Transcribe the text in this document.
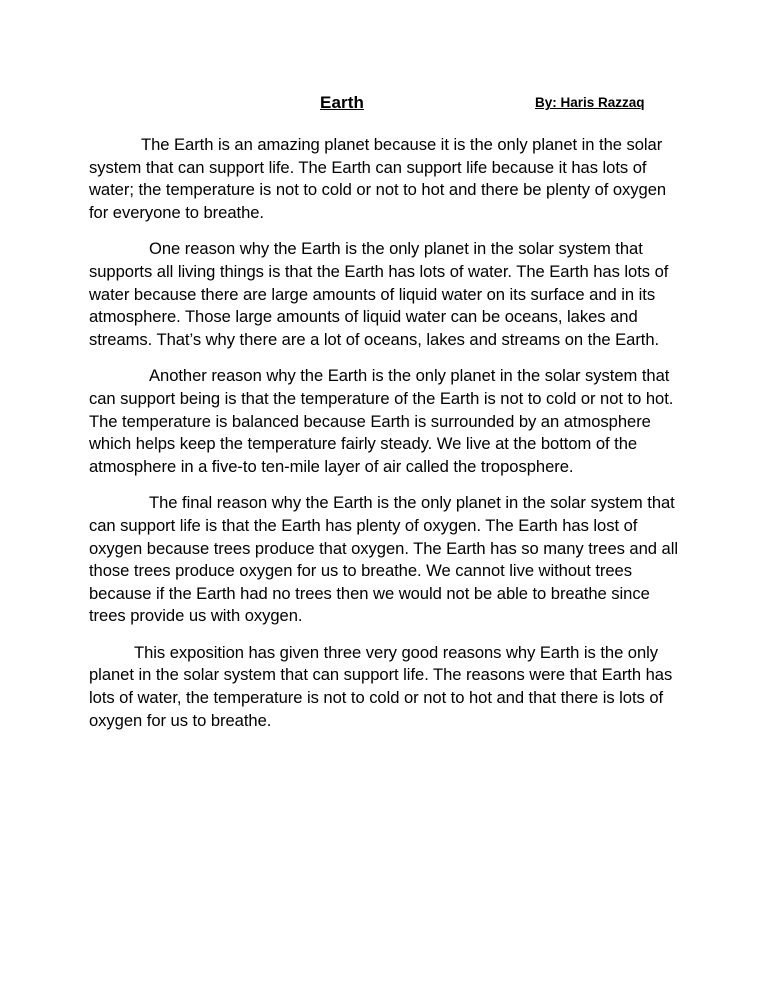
Earth	By: Haris Razzaq

The Earth is an amazing planet because it is the only planet in the solar system that can support life. The Earth can support life because it has lots of water; the temperature is not to cold or not to hot and there be plenty of oxygen for everyone to breathe.

One reason why the Earth is the only planet in the solar system that supports all living things is that the Earth has lots of water. The Earth has lots of water because there are large amounts of liquid water on its surface and in its atmosphere. Those large amounts of liquid water can be oceans, lakes and streams. That’s why there are a lot of oceans, lakes and streams on the Earth.

Another reason why the Earth is the only planet in the solar system that can support being is that the temperature of the Earth is not to cold or not to hot. The temperature is balanced because Earth is surrounded by an atmosphere which helps keep the temperature fairly steady. We live at the bottom of the atmosphere in a five-to ten-mile layer of air called the troposphere.

The final reason why the Earth is the only planet in the solar system that can support life is that the Earth has plenty of oxygen. The Earth has lost of oxygen because trees produce that oxygen. The Earth has so many trees and all those trees produce oxygen for us to breathe. We cannot live without trees because if the Earth had no trees then we would not be able to breathe since trees provide us with oxygen.

This exposition has given three very good reasons why Earth is the only planet in the solar system that can support life. The reasons were that Earth has lots of water, the temperature is not to cold or not to hot and that there is lots of oxygen for us to breathe.
